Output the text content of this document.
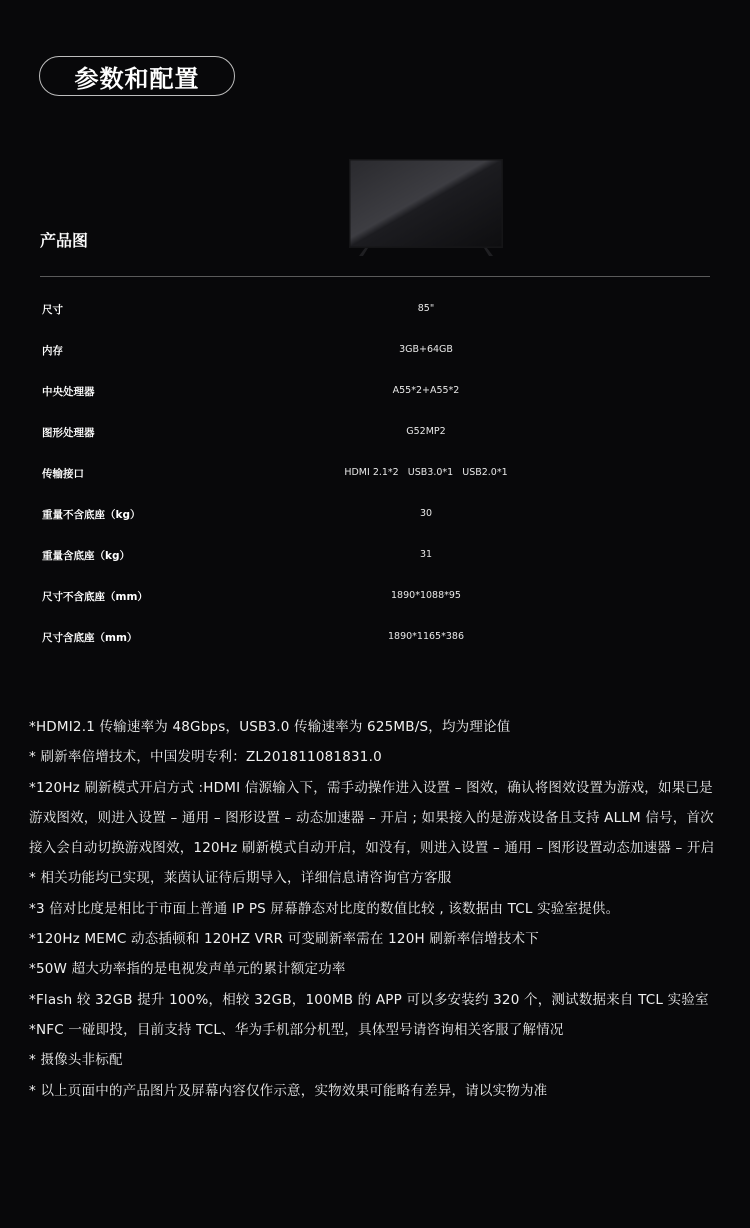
参数和配置
产品图
尺寸	85"
内存	3GB+64GB
中央处理器	A55*2+A55*2
图形处理器	G52MP2
传输接口	HDMI 2.1*2   USB3.0*1   USB2.0*1
重量不含底座（kg）	30
重量含底座（kg）	31
尺寸不含底座（mm）	1890*1088*95
尺寸含底座（mm）	1890*1165*386

*HDMI2.1 传输速率为 48Gbps，USB3.0 传输速率为 625MB/S，均为理论值

* 刷新率倍增技术，中国发明专利：ZL201811081831.0

*120Hz 刷新模式开启方式 :HDMI 信源输入下，需手动操作进入设置 – 图效，确认将图效设置为游戏，如果已是游戏图效，则进入设置 – 通用 – 图形设置 – 动态加速器 – 开启 ; 如果接入的是游戏设备且支持 ALLM 信号，首次接入会自动切换游戏图效，120Hz 刷新模式自动开启，如没有，则进入设置 – 通用 – 图形设置动态加速器 – 开启

* 相关功能均已实现，莱茵认证待后期导入，详细信息请咨询官方客服

*3 倍对比度是相比于市面上普通 IP PS 屏幕静态对比度的数值比较 , 该数据由 TCL 实验室提供。

*120Hz MEMC 动态插顿和 120HZ VRR 可变刷新率需在 120H 刷新率信增技术下

*50W 超大功率指的是电视发声单元的累计额定功率

*Flash 较 32GB 提升 100%，相较 32GB，100MB 的 APP 可以多安装约 320 个，测试数据来自 TCL 实验室

*NFC 一碰即投，目前支持 TCL、华为手机部分机型，具体型号请咨询相关客服了解情况

* 摄像头非标配

* 以上页面中的产品图片及屏幕内容仅作示意，实物效果可能略有差异，请以实物为准
